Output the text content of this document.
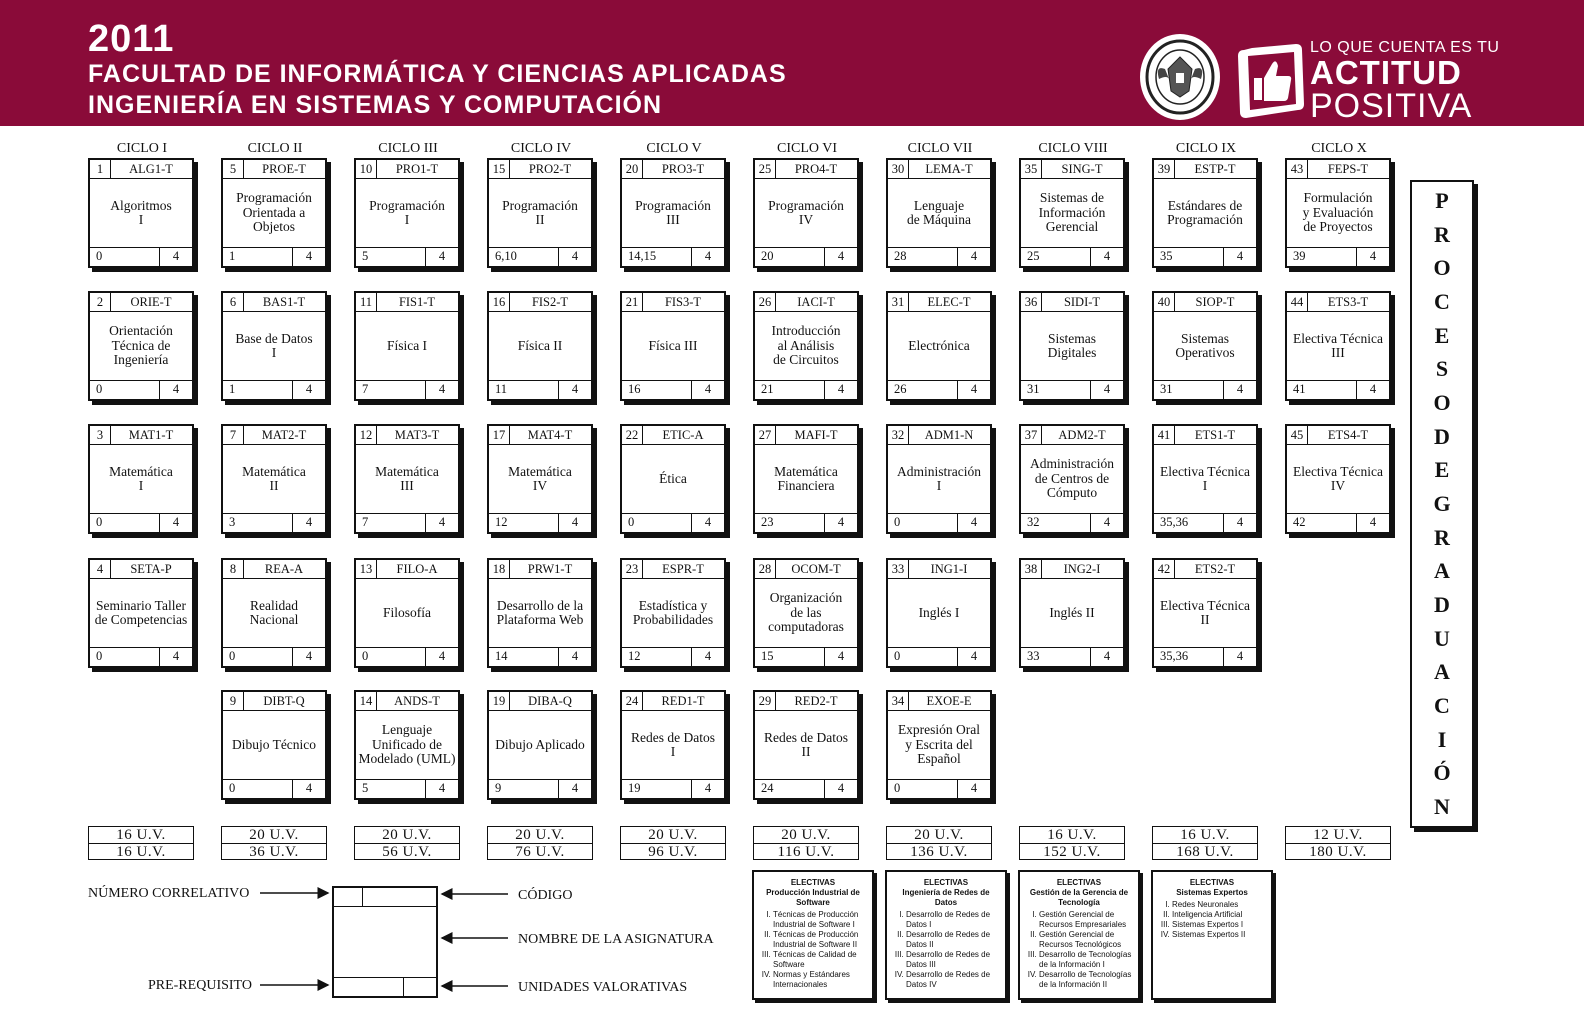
2011
FACULTAD DE INFORMÁTICA Y CIENCIAS APLICADAS
INGENIERÍA EN SISTEMAS Y COMPUTACIÓN
LO QUE CUENTA ES TU
ACTITUD
POSITIVA
CICLO I
1	ALG1-T
Algoritmos
I
0	4
2	ORIE-T
Orientación
Técnica de
Ingeniería
0	4
3	MAT1-T
Matemática
I
0	4
4	SETA-P
Seminario Taller
de Competencias
0	4
16 U.V.
16 U.V.
CICLO II
5	PROE-T
Programación
Orientada a
Objetos
1	4
6	BAS1-T
Base de Datos
I
1	4
7	MAT2-T
Matemática
II
3	4
8	REA-A
Realidad
Nacional
0	4
9	DIBT-Q
Dibujo Técnico
0	4
20 U.V.
36 U.V.
CICLO III
10	PRO1-T
Programación
I
5	4
11	FIS1-T
Física I
7	4
12	MAT3-T
Matemática
III
7	4
13	FILO-A
Filosofía
0	4
14	ANDS-T
Lenguaje
Unificado de
Modelado (UML)
5	4
20 U.V.
56 U.V.
CICLO IV
15	PRO2-T
Programación
II
6,10	4
16	FIS2-T
Física II
11	4
17	MAT4-T
Matemática
IV
12	4
18	PRW1-T
Desarrollo de la
Plataforma Web
14	4
19	DIBA-Q
Dibujo Aplicado
9	4
20 U.V.
76 U.V.
CICLO V
20	PRO3-T
Programación
III
14,15	4
21	FIS3-T
Física III
16	4
22	ETIC-A
Ética
0	4
23	ESPR-T
Estadística y
Probabilidades
12	4
24	RED1-T
Redes de Datos
I
19	4
20 U.V.
96 U.V.
CICLO VI
25	PRO4-T
Programación
IV
20	4
26	IACI-T
Introducción
al Análisis
de Circuitos
21	4
27	MAFI-T
Matemática
Financiera
23	4
28	OCOM-T
Organización
de las
computadoras
15	4
29	RED2-T
Redes de Datos
II
24	4
20 U.V.
116 U.V.
CICLO VII
30	LEMA-T
Lenguaje
de Máquina
28	4
31	ELEC-T
Electrónica
26	4
32	ADM1-N
Administración
I
0	4
33	ING1-I
Inglés I
0	4
34	EXOE-E
Expresión Oral
y Escrita del
Español
0	4
20 U.V.
136 U.V.
CICLO VIII
35	SING-T
Sistemas de
Información
Gerencial
25	4
36	SIDI-T
Sistemas
Digitales
31	4
37	ADM2-T
Administración
de Centros de
Cómputo
32	4
38	ING2-I
Inglés II
33	4
16 U.V.
152 U.V.
CICLO IX
39	ESTP-T
Estándares de
Programación
35	4
40	SIOP-T
Sistemas
Operativos
31	4
41	ETS1-T
Electiva Técnica
I
35,36	4
42	ETS2-T
Electiva Técnica
II
35,36	4
16 U.V.
168 U.V.
CICLO X
43	FEPS-T
Formulación
y Evaluación
de Proyectos
39	4
44	ETS3-T
Electiva Técnica
III
41	4
45	ETS4-T
Electiva Técnica
IV
42	4
12 U.V.
180 U.V.
P
R
O
C
E
S
O
D
E
G
R
A
D
U
A
C
I
Ó
N
NÚMERO CORRELATIVO
PRE-REQUISITO
CÓDIGO
NOMBRE DE LA ASIGNATURA
UNIDADES VALORATIVAS
ELECTIVAS
Producción Industrial de Software
I. Técnicas de Producción Industrial de Software I
II. Técnicas de Producción Industrial de Software II
III. Técnicas de Calidad de Software
IV. Normas y Estándares Internacionales
ELECTIVAS
Ingeniería de Redes de Datos
I. Desarrollo de Redes de Datos I
II. Desarrollo de Redes de Datos II
III. Desarrollo de Redes de Datos III
IV. Desarrollo de Redes de Datos IV
ELECTIVAS
Gestión de la Gerencia de Tecnología
I. Gestión Gerencial de Recursos Empresariales
II. Gestión Gerencial de Recursos Tecnológicos
III. Desarrollo de Tecnologías de la Información I
IV. Desarrollo de Tecnologías de la Información II
ELECTIVAS
Sistemas Expertos
I. Redes Neuronales
II. Inteligencia Artificial
III. Sistemas Expertos I
IV. Sistemas Expertos II
